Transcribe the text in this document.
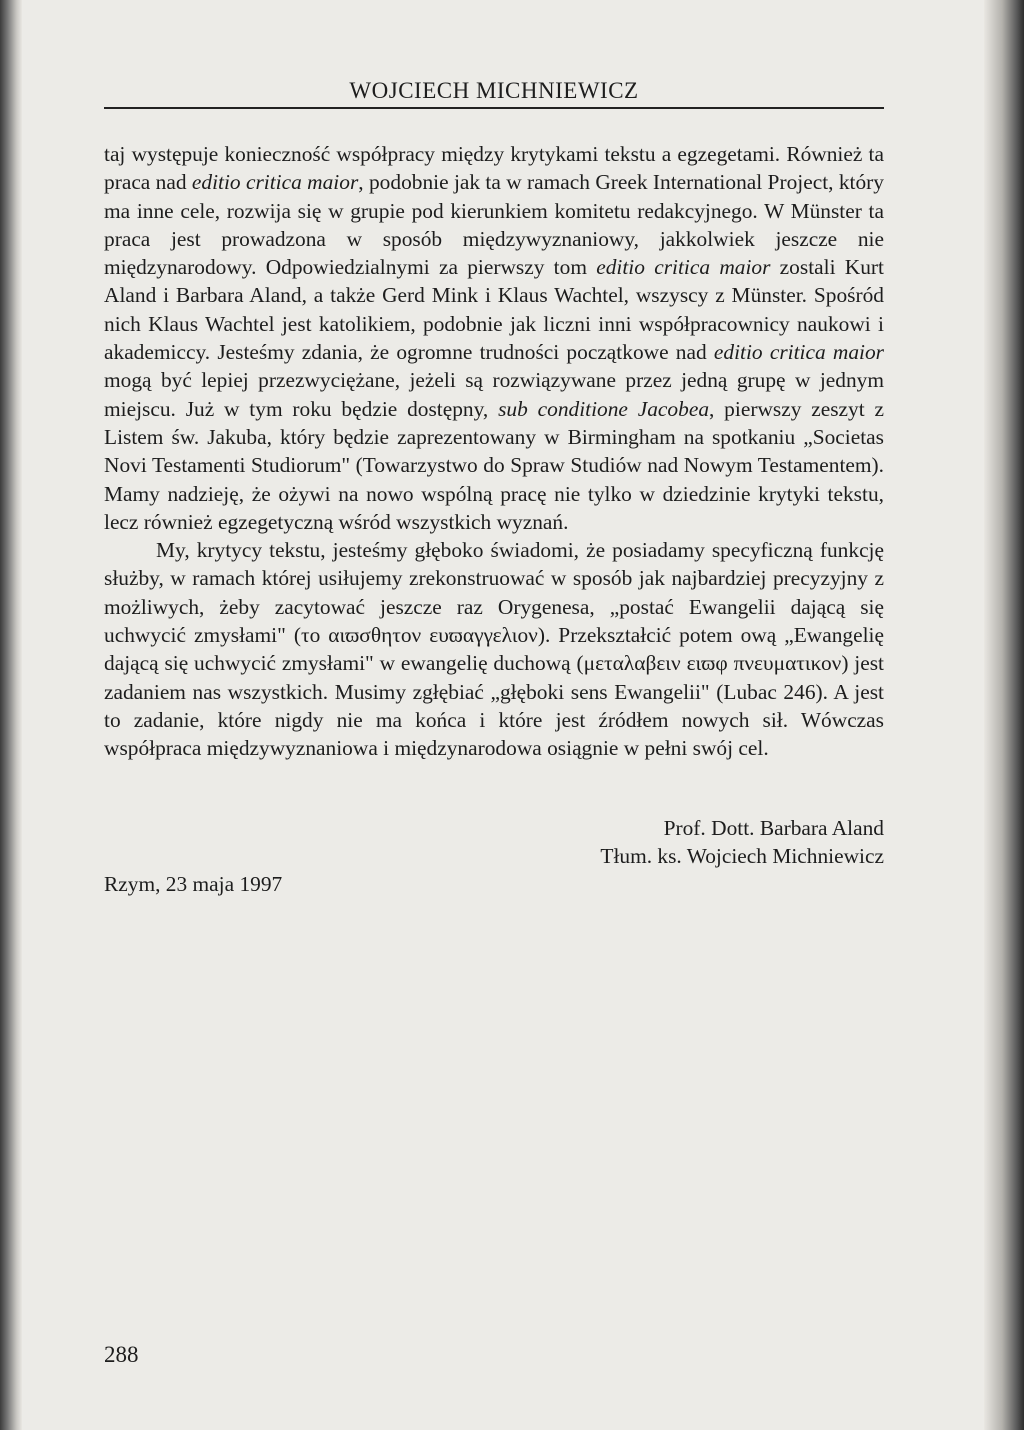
WOJCIECH MICHNIEWICZ

taj występuje konieczność współpracy między krytykami tekstu a egzegetami. Również ta praca nad editio critica maior, podobnie jak ta w ramach Greek International Project, który ma inne cele, rozwija się w grupie pod kierunkiem komitetu redakcyjnego. W Münster ta praca jest prowadzona w sposób międzywyznaniowy, jakkolwiek jeszcze nie międzynarodowy. Odpowiedzialnymi za pierwszy tom editio critica maior zostali Kurt Aland i Barbara Aland, a także Gerd Mink i Klaus Wachtel, wszyscy z Münster. Spośród nich Klaus Wachtel jest katolikiem, podobnie jak liczni inni współpracownicy naukowi i akademiccy. Jesteśmy zdania, że ogromne trudności początkowe nad editio critica maior mogą być lepiej przezwyciężane, jeżeli są rozwiązywane przez jedną grupę w jednym miejscu. Już w tym roku będzie dostępny, sub conditione Jacobea, pierwszy zeszyt z Listem św. Jakuba, który będzie zaprezentowany w Birmingham na spotkaniu „Societas Novi Testamenti Studiorum" (Towarzystwo do Spraw Studiów nad Nowym Testamentem). Mamy nadzieję, że ożywi na nowo wspólną pracę nie tylko w dziedzinie krytyki tekstu, lecz również egzegetyczną wśród wszystkich wyznań.

My, krytycy tekstu, jesteśmy głęboko świadomi, że posiadamy specyficzną funkcję służby, w ramach której usiłujemy zrekonstruować w sposób jak najbardziej precyzyjny z możliwych, żeby zacytować jeszcze raz Orygenesa, „postać Ewangelii dającą się uchwycić zmysłami" (το αιϖσθητον ευϖαγγελιον). Przekształcić potem ową „Ewangelię dającą się uchwycić zmysłami" w ewangelię duchową (μεταλαβειν ειϖφ πνευματικον) jest zadaniem nas wszystkich. Musimy zgłębiać „głęboki sens Ewangelii" (Lubac 246). A jest to zadanie, które nigdy nie ma końca i które jest źródłem nowych sił. Wówczas współpraca międzywyznaniowa i międzynarodowa osiągnie w pełni swój cel.

Prof. Dott. Barbara Aland
Tłum. ks. Wojciech Michniewicz
Rzym, 23 maja 1997
288
